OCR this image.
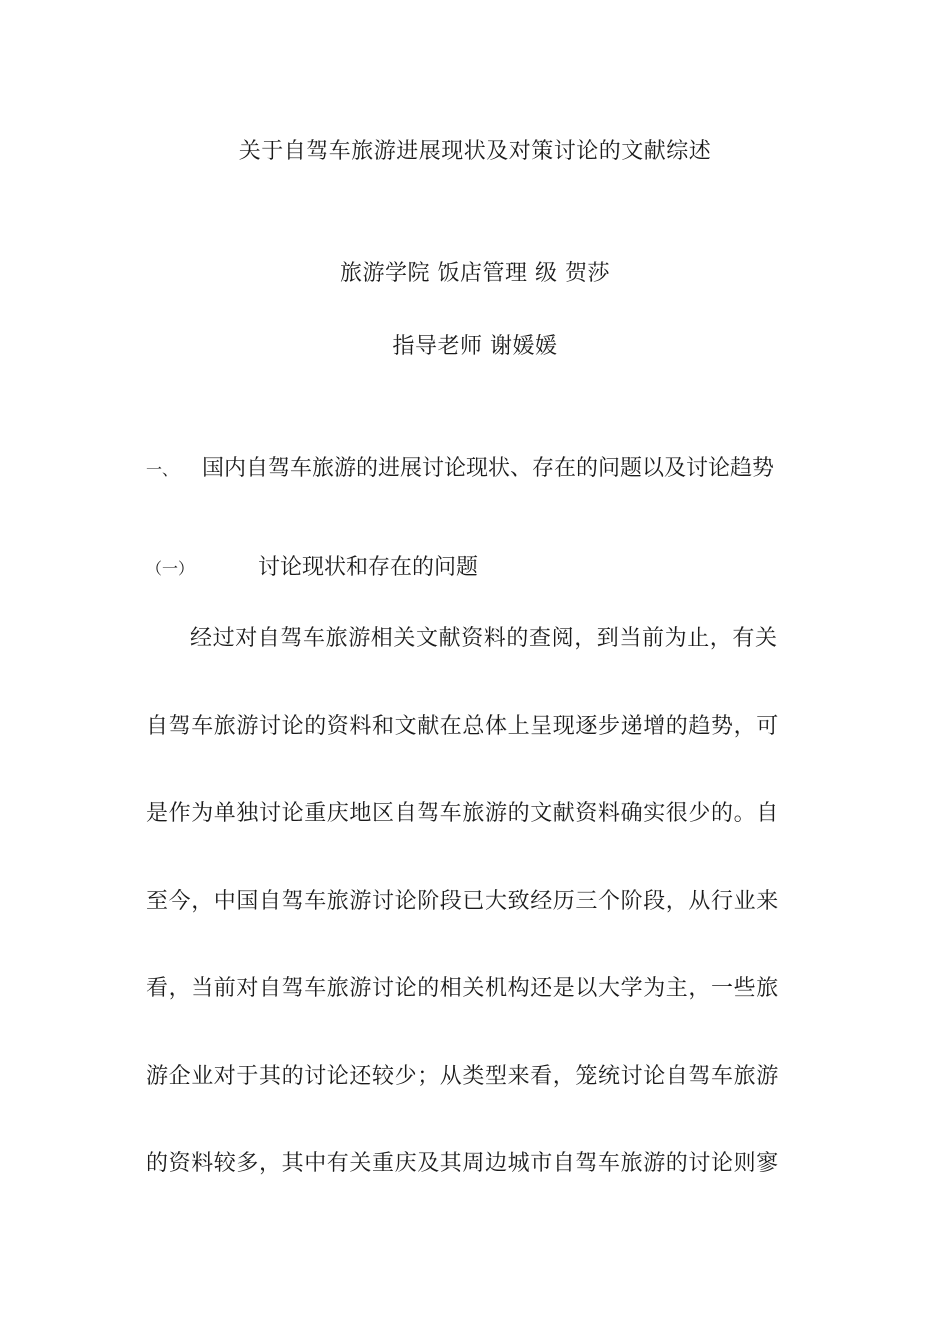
关于自驾车旅游进展现状及对策讨论的文献综述
旅游学院 饭店管理 级 贺莎
指导老师 谢媛媛
一、 国内自驾车旅游的进展讨论现状、存在的问题以及讨论趋势
（一）	讨论现状和存在的问题
经过对自驾车旅游相关文献资料的查阅，到当前为止，有关
自驾车旅游讨论的资料和文献在总体上呈现逐步递增的趋势，可
是作为单独讨论重庆地区自驾车旅游的文献资料确实很少的。自
至今，中国自驾车旅游讨论阶段已大致经历三个阶段，从行业来
看，当前对自驾车旅游讨论的相关机构还是以大学为主，一些旅
游企业对于其的讨论还较少；从类型来看，笼统讨论自驾车旅游
的资料较多，其中有关重庆及其周边城市自驾车旅游的讨论则寥
